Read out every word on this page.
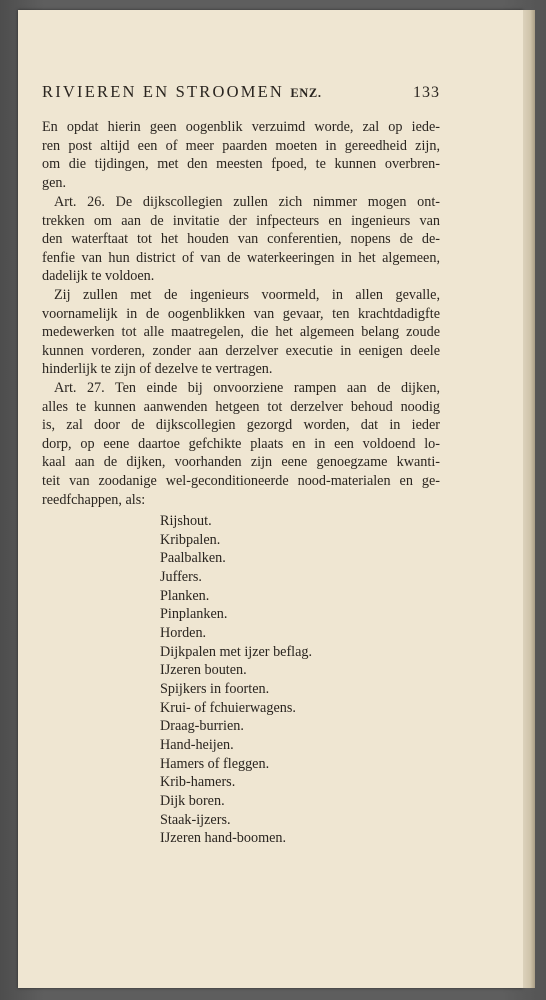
RIVIEREN EN STROOMEN ENZ.	133
En opdat hierin geen oogenblik verzuimd worde, zal op iede-
ren post altijd een of meer paarden moeten in gereedheid zijn,
om die tijdingen, met den meesten fpoed, te kunnen overbren-
gen.
Art. 26. De dijkscollegien zullen zich nimmer mogen ont-
trekken om aan de invitatie der infpecteurs en ingenieurs van
den waterftaat tot het houden van conferentien, nopens de de-
fenfie van hun district of van de waterkeeringen in het algemeen,
dadelijk te voldoen.
Zij zullen met de ingenieurs voormeld, in allen gevalle,
voornamelijk in de oogenblikken van gevaar, ten krachtdadigfte
medewerken tot alle maatregelen, die het algemeen belang zoude
kunnen vorderen, zonder aan derzelver executie in eenigen deele
hinderlijk te zijn of dezelve te vertragen.
Art. 27. Ten einde bij onvoorziene rampen aan de dijken,
alles te kunnen aanwenden hetgeen tot derzelver behoud noodig
is, zal door de dijkscollegien gezorgd worden, dat in ieder
dorp, op eene daartoe gefchikte plaats en in een voldoend lo-
kaal aan de dijken, voorhanden zijn eene genoegzame kwanti-
teit van zoodanige wel-geconditioneerde nood-materialen en ge-
reedfchappen, als:
Rijshout.
Kribpalen.
Paalbalken.
Juffers.
Planken.
Pinplanken.
Horden.
Dijkpalen met ijzer beflag.
IJzeren bouten.
Spijkers in foorten.
Krui- of fchuierwagens.
Draag-burrien.
Hand-heijen.
Hamers of fleggen.
Krib-hamers.
Dijk boren.
Staak-ijzers.
IJzeren hand-boomen.
